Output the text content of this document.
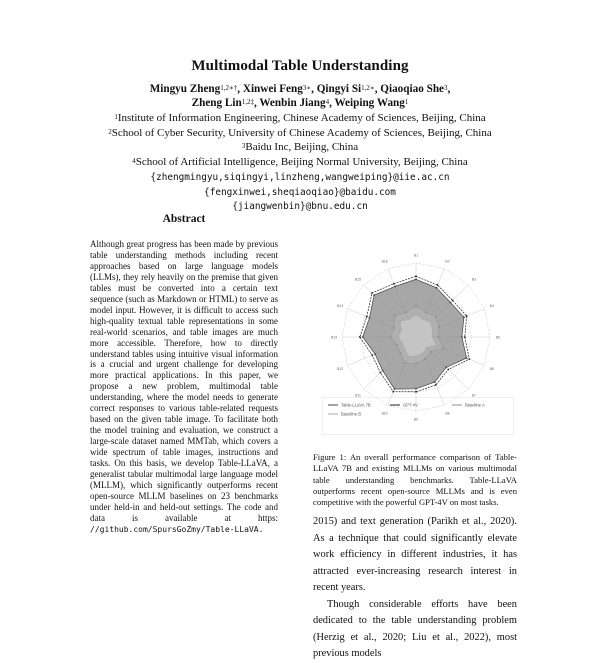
Multimodal Table Understanding
Mingyu Zheng$^{1,2∗\dagger}$, Xinwei Feng$^{3∗}$, Qingyi $Si^{1,2∗}$, Qiaoqiao She$^3$,
Zheng Lin$^{1,2\ddagger}$, Wenbin Jiang$^4$, Weiping Wang$^1$
$^1$Institute of Information Engineering, Chinese Academy of Sciences, Beijing, China
$^2$School of Cyber Security, University of Chinese Academy of Sciences, Beijing, China
$^3$Baidu Inc, Beijing, China
$^4$School of Artificial Intelligence, Beijing Normal University, Beijing, China
{zhengmingyu,siqingyi,linzheng,wangweiping}@iie.ac.cn
{fengxinwei,sheqiaoqiao}@baidu.com
{jiangwenbin}@bnu.edu.cn
Abstract
Although great progress has been made by previous table understanding methods including recent approaches based on large language models (LLMs), they rely heavily on the premise that given tables must be converted into a certain text sequence (such as Markdown or HTML) to serve as model input. However, it is difficult to access such high-quality textual table representations in some real-world scenarios, and table images are much more accessible. Therefore, how to directly understand tables using intuitive visual information is a crucial and urgent challenge for developing more practical applications. In this paper, we propose a new problem, multimodal table understanding, where the model needs to generate correct responses to various table-related requests based on the given table image. To facilitate both the model training and evaluation, we construct a large-scale dataset named MMTab, which covers a wide spectrum of table images, instructions and tasks. On this basis, we develop Table-LLaVA, a generalist tabular multimodal large language model (MLLM), which significantly outperforms recent open-source MLLM baselines on 23 benchmarks under held-in and held-out settings. The code and data is available at https: //github.com/SpursGoZmy/Table-LLaVA.
B1
B2
B3
B4
B5
B6
B7
B8
B9
B10
B11
B12
B13
B14
B15
B16
Table-LLaVA 7B	GPT-4V	Baseline A
Baseline B
Figure 1: An overall performance comparison of Table-LLaVA 7B and existing MLLMs on various multimodal table understanding benchmarks. Table-LLaVA outperforms recent open-source MLLMs and is even competitive with the powerful GPT-4V on most tasks.
2015) and text generation (Parikh et al., 2020). As a technique that could significantly elevate work efficiency in different industries, it has attracted ever-increasing research interest in recent years.
Though considerable efforts have been dedicated to the table understanding problem (Herzig et al., 2020; Liu et al., 2022), most previous models
